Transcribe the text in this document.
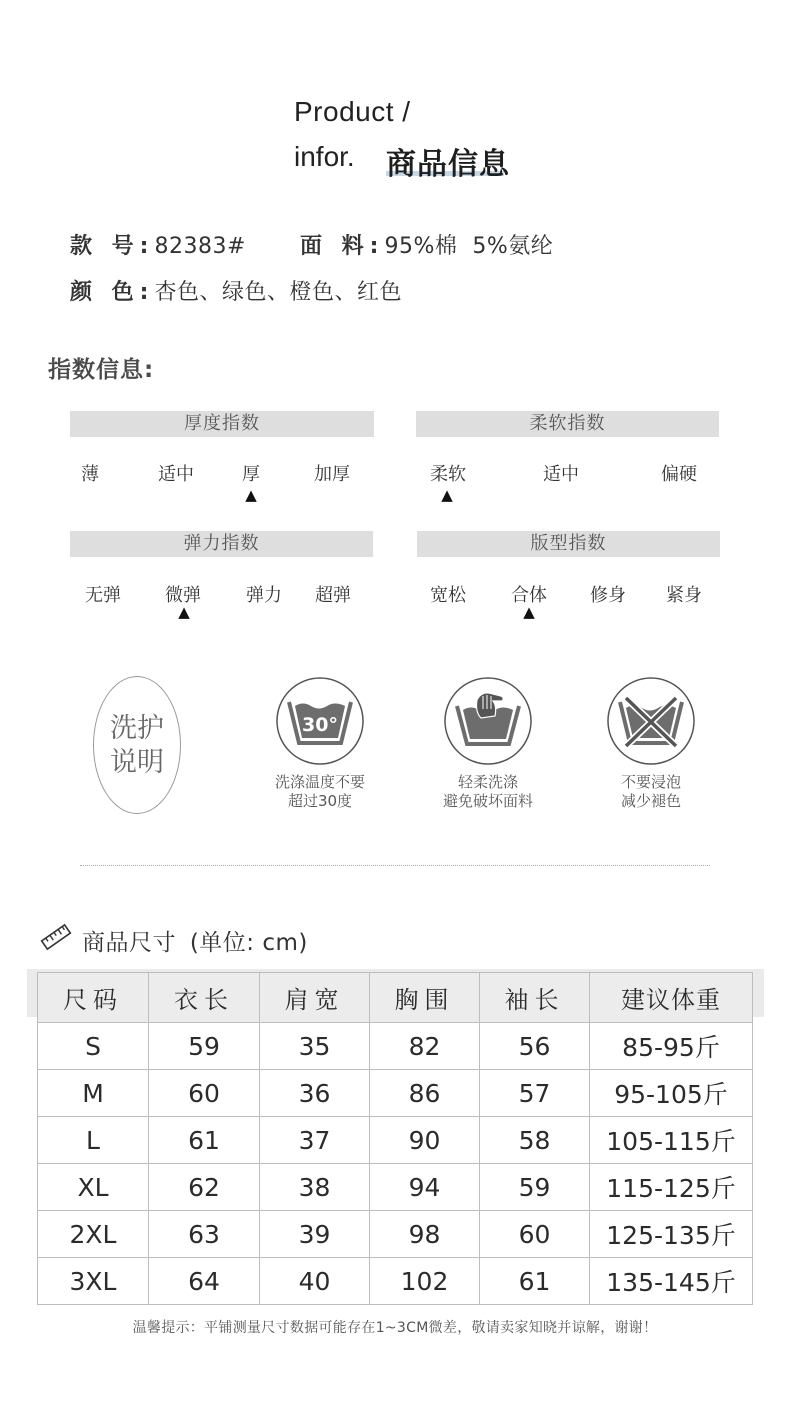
Product /
infor. 商品信息
款 号:82383# 面 料:95%棉  5%氨纶
颜 色:杏色、绿色、橙色、红色
指数信息:
厚度指数
薄	适中	厚	加厚
▲
柔软指数
柔软	适中	偏硬
▲
弹力指数
无弹	微弹	弹力	超弹
▲
版型指数
宽松	合体	修身	紧身
▲
洗护
说明
30°
洗涤温度不要
超过30度
轻柔洗涤
避免破坏面料
不要浸泡
减少褪色
商品尺寸 (单位: cm)
尺码	衣长	肩宽	胸围	袖长	建议体重
S	59	35	82	56	85-95斤
M	60	36	86	57	95-105斤
L	61	37	90	58	105-115斤
XL	62	38	94	59	115-125斤
2XL	63	39	98	60	125-135斤
3XL	64	40	102	61	135-145斤
温馨提示：平铺测量尺寸数据可能存在1~3CM微差，敬请卖家知晓并谅解，谢谢！
